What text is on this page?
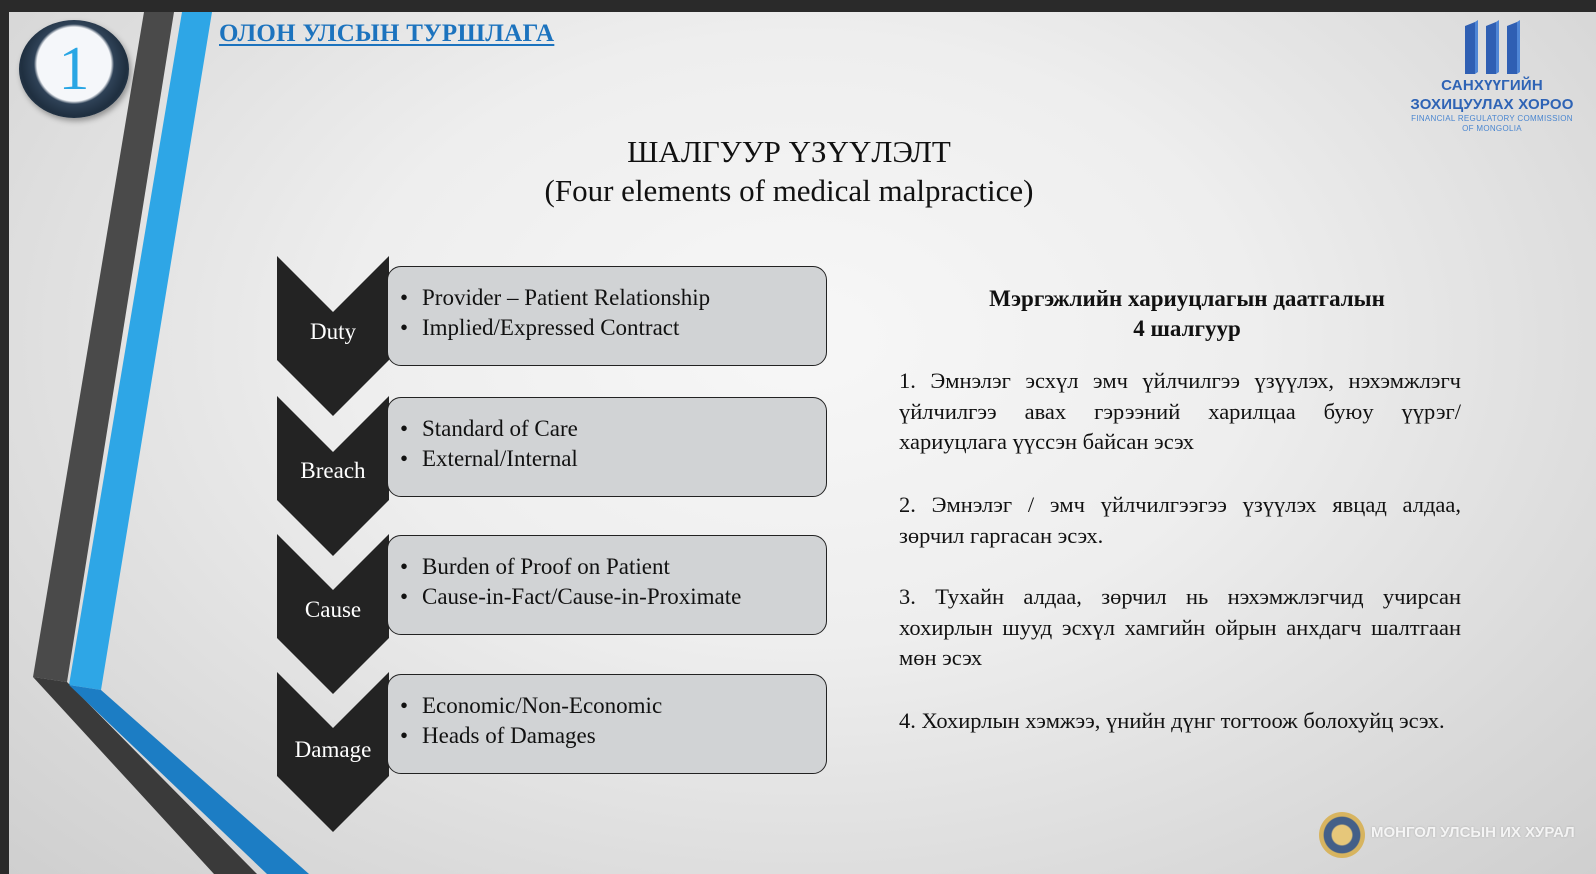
1
ОЛОН УЛСЫН ТУРШЛАГА
САНХҮҮГИЙН
ЗОХИЦУУЛАХ ХОРОО
FINANCIAL REGULATORY COMMISSION
OF MONGOLIA
ШАЛГУУР ҮЗҮҮЛЭЛТ
(Four elements of medical malpractice)
Duty
• Provider – Patient Relationship
• Implied/Expressed Contract
Breach
• Standard of Care
• External/Internal
Cause
• Burden of Proof on Patient
• Cause-in-Fact/Cause-in-Proximate
Damage
• Economic/Non-Economic
• Heads of Damages
Мэргэжлийн хариуцлагын даатгалын
4 шалгуур
1. Эмнэлэг эсхүл эмч үйлчилгээ үзүүлэх, нэхэмжлэгч үйлчилгээ авах гэрээний харилцаа буюу үүрэг/ хариуцлага үүссэн байсан эсэх
2. Эмнэлэг / эмч үйлчилгээгээ үзүүлэх явцад алдаа, зөрчил гаргасан эсэх.
3. Тухайн алдаа, зөрчил нь нэхэмжлэгчид учирсан хохирлын шууд эсхүл хамгийн ойрын анхдагч шалтгаан мөн эсэх
4. Хохирлын хэмжээ, үнийн дүнг тогтоож болохуйц эсэх.
МОНГОЛ УЛСЫН ИХ ХУРАЛ
